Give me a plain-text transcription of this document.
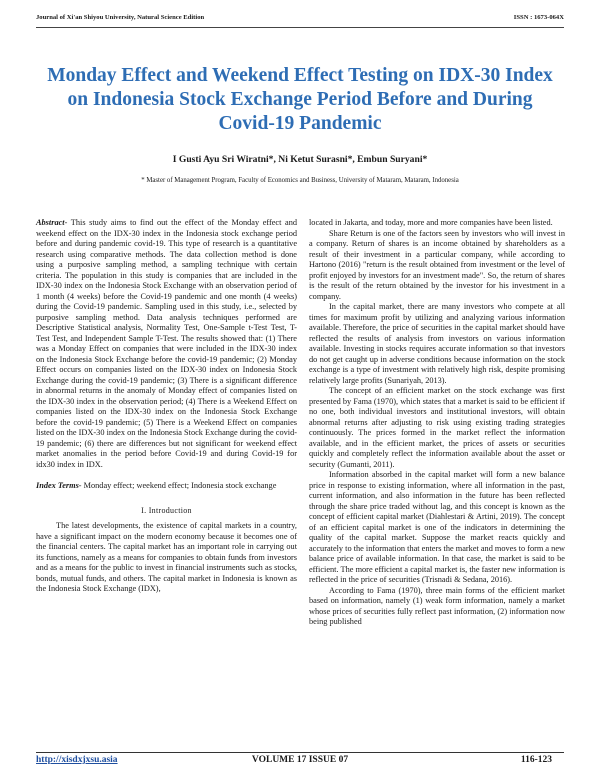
Journal of Xi'an Shiyou University, Natural Science Edition	ISSN : 1673-064X
Monday Effect and Weekend Effect Testing on IDX-30 Index on Indonesia Stock Exchange Period Before and During Covid-19 Pandemic
I Gusti Ayu Sri Wiratni*, Ni Ketut Surasni*, Embun Suryani*
* Master of Management Program, Faculty of Economics and Business, University of Mataram, Mataram, Indonesia

Abstract- This study aims to find out the effect of the Monday effect and weekend effect on the IDX-30 index in the Indonesia stock exchange period before and during pandemic covid-19. This type of research is a quantitative research using comparative methods. The data collection method is done using a purposive sampling method, a sampling technique with certain criteria. The population in this study is companies that are included in the IDX-30 index on the Indonesia Stock Exchange with an observation period of 1 month (4 weeks) before the Covid-19 pandemic and one month (4 weeks) during the Covid-19 pandemic. Sampling used in this study, i.e., selected by purposive sampling method. Data analysis techniques performed are Descriptive Statistical analysis, Normality Test, One-Sample t-Test Test, T-Test Test, and Independent Sample T-Test. The results showed that: (1) There was a Monday Effect on companies that were included in the IDX-30 index on the Indonesia Stock Exchange before the covid-19 pandemic; (2) Monday Effect occurs on companies listed on the IDX-30 index on Indonesia Stock Exchange during the covid-19 pandemic; (3) There is a significant difference in abnormal returns in the anomaly of Monday effect of companies listed on the IDX-30 index in the observation period; (4) There is a Weekend Effect on companies listed on the IDX-30 index on the Indonesia Stock Exchange before the covid-19 pandemic; (5) There is a Weekend Effect on companies listed on the IDX-30 index on the Indonesia Stock Exchange during the covid-19 pandemic; (6) there are differences but not significant for weekend effect market anomalies in the period before Covid-19 and during Covid-19 for idx30 index in IDX.

Index Terms- Monday effect; weekend effect; Indonesia stock exchange

I. Introduction

The latest developments, the existence of capital markets in a country, have a significant impact on the modern economy because it becomes one of the financial centers. The capital market has an important role in carrying out its functions, namely as a means for companies to obtain funds from investors and as a means for the public to invest in financial instruments such as stocks, bonds, mutual funds, and others. The capital market in Indonesia is known as the Indonesia Stock Exchange (IDX),

located in Jakarta, and today, more and more companies have been listed.

Share Return is one of the factors seen by investors who will invest in a company. Return of shares is an income obtained by shareholders as a result of their investment in a particular company, while according to Hartono (2016) "return is the result obtained from investment or the level of profit enjoyed by investors for an investment made". So, the return of shares is the result of the return obtained by the investor for his investment in a company.

In the capital market, there are many investors who compete at all times for maximum profit by utilizing and analyzing various information available. Therefore, the price of securities in the capital market should have reflected the results of analysis from investors on various information available. Investing in stocks requires accurate information so that investors do not get caught up in adverse conditions because information on the stock exchange is a type of investment with relatively high risk, despite promising relatively large profits (Sunariyah, 2013).

The concept of an efficient market on the stock exchange was first presented by Fama (1970), which states that a market is said to be efficient if no one, both individual investors and institutional investors, will obtain abnormal returns after adjusting to risk using existing trading strategies continuously. The prices formed in the market reflect the information available, and in the efficient market, the prices of assets or securities quickly and completely reflect the information available about the asset or security (Gumanti, 2011).

Information absorbed in the capital market will form a new balance price in response to existing information, where all information in the past, current information, and also information in the future has been reflected through the share price traded without lag, and this concept is known as the concept of efficient capital market (Diahlestari & Artini, 2019). The concept of an efficient capital market is one of the indicators in determining the quality of the capital market. Suppose the market reacts quickly and accurately to the information that enters the market and moves to form a new balance price of available information. In that case, the market is said to be efficient. The more efficient a capital market is, the faster new information is reflected in the price of securities (Trisnadi & Sedana, 2016).

According to Fama (1970), three main forms of the efficient market based on information, namely (1) weak form information, namely a market whose prices of securities fully reflect past information, (2) information now being published

http://xisdxjxsu.asia	VOLUME 17 ISSUE 07	116-123
